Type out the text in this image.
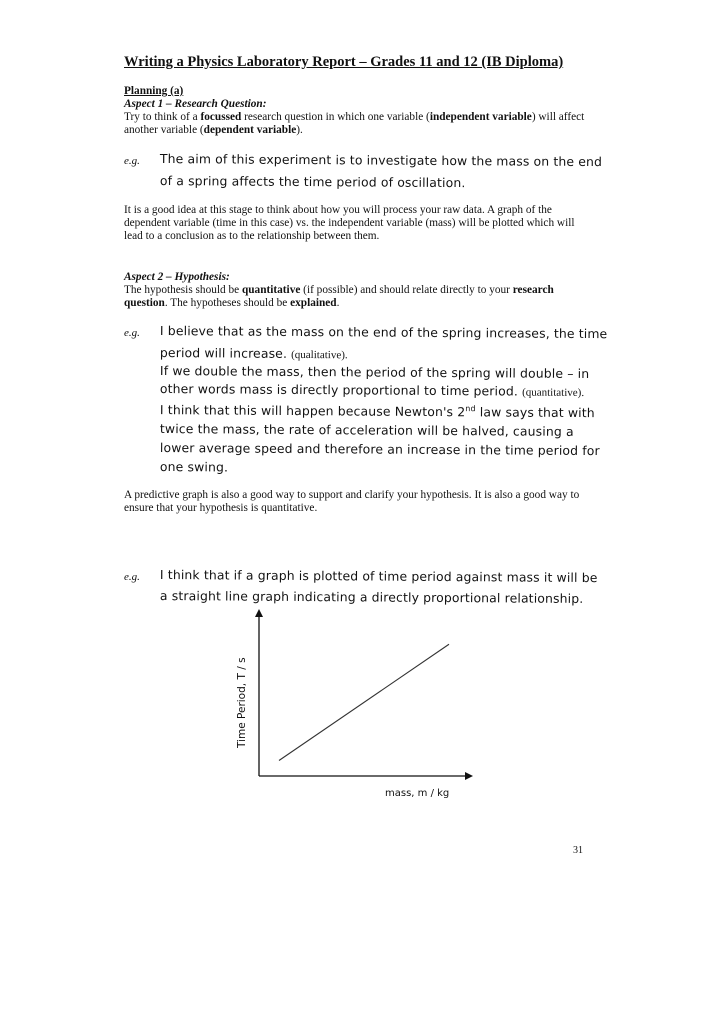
Writing a Physics Laboratory Report – Grades 11 and 12 (IB Diploma)
Planning (a)
Aspect 1 – Research Question:
Try to think of a focussed research question in which one variable (independent variable) will affect
another variable (dependent variable).
e.g. The aim of this experiment is to investigate how the mass on the end
of a spring affects the time period of oscillation.
It is a good idea at this stage to think about how you will process your raw data. A graph of the
dependent variable (time in this case) vs. the independent variable (mass) will be plotted which will
lead to a conclusion as to the relationship between them.
Aspect 2 – Hypothesis:
The hypothesis should be quantitative (if possible) and should relate directly to your research
question. The hypotheses should be explained.
e.g. I believe that as the mass on the end of the spring increases, the time
period will increase. (qualitative).
If we double the mass, then the period of the spring will double – in
other words mass is directly proportional to time period. (quantitative).
I think that this will happen because Newton's 2nd law says that with
twice the mass, the rate of acceleration will be halved, causing a
lower average speed and therefore an increase in the time period for
one swing.
A predictive graph is also a good way to support and clarify your hypothesis. It is also a good way to
ensure that your hypothesis is quantitative.
e.g. I think that if a graph is plotted of time period against mass it will be
a straight line graph indicating a directly proportional relationship.
mass, m / kg
Time Period, T / s
31
